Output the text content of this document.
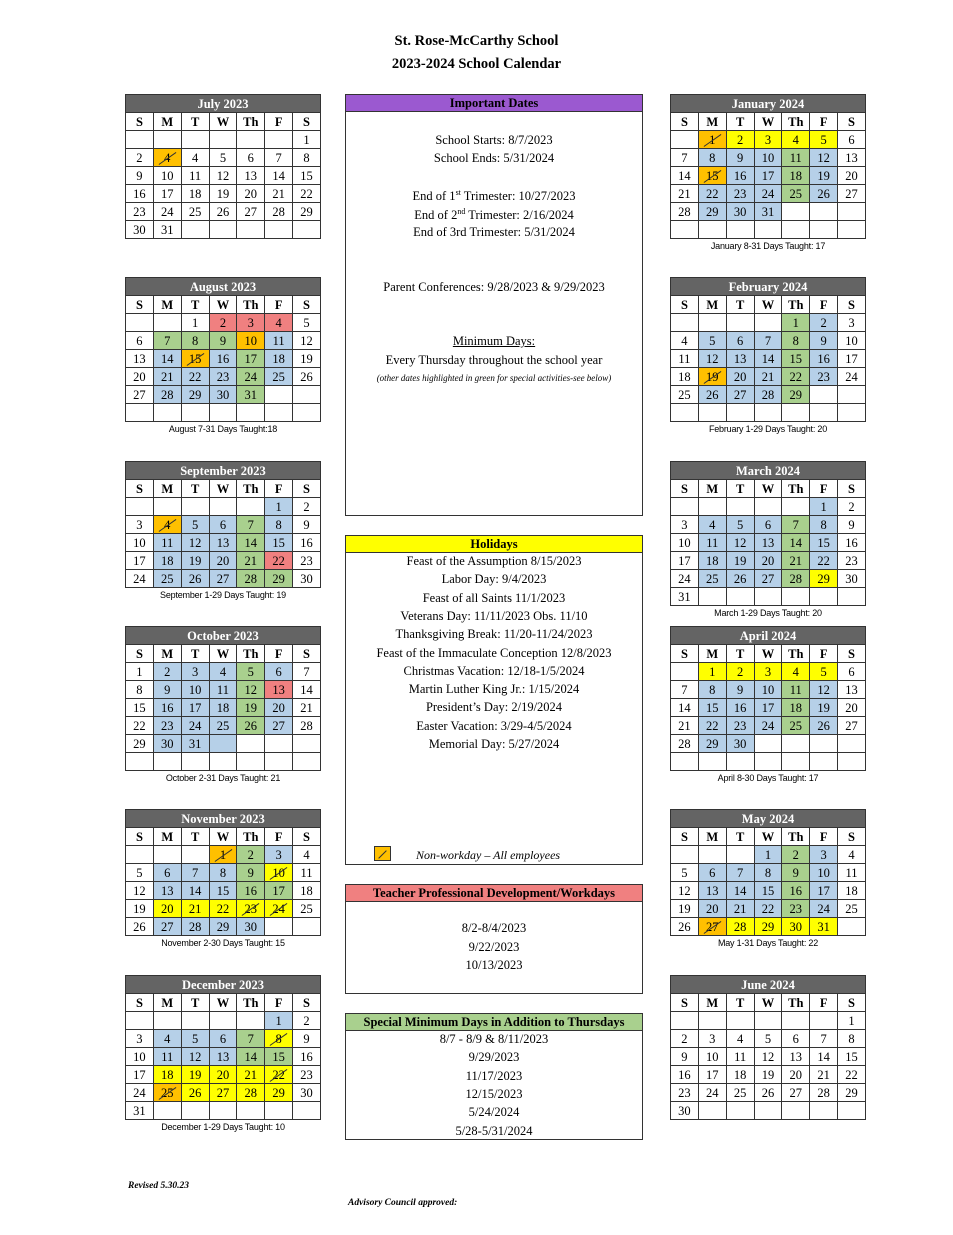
St. Rose-McCarthy School
2023-2024 School Calendar
July 2023						
S	M	T	W	Th	F	S
						1
2	4	4	5	6	7	8
9	10	11	12	13	14	15
16	17	18	19	20	21	22
23	24	25	26	27	28	29
30	31					
August 2023						
S	M	T	W	Th	F	S
		1	2	3	4	5
6	7	8	9	10	11	12
13	14	15	16	17	18	19
20	21	22	23	24	25	26
27	28	29	30	31		

August 7-31 Days Taught:18
September 2023						
S	M	T	W	Th	F	S
					1	2
3	4	5	6	7	8	9
10	11	12	13	14	15	16
17	18	19	20	21	22	23
24	25	26	27	28	29	30
September 1-29 Days Taught: 19
October 2023						
S	M	T	W	Th	F	S
1	2	3	4	5	6	7
8	9	10	11	12	13	14
15	16	17	18	19	20	21
22	23	24	25	26	27	28
29	30	31				

October 2-31 Days Taught: 21
November 2023						
S	M	T	W	Th	F	S
			1	2	3	4
5	6	7	8	9	10	11
12	13	14	15	16	17	18
19	20	21	22	23	24	25
26	27	28	29	30		
November 2-30 Days Taught: 15
December 2023						
S	M	T	W	Th	F	S
					1	2
3	4	5	6	7	8	9
10	11	12	13	14	15	16
17	18	19	20	21	22	23
24	25	26	27	28	29	30
31						
December 1-29 Days Taught: 10
January 2024						
S	M	T	W	Th	F	S
	1	2	3	4	5	6
7	8	9	10	11	12	13
14	15	16	17	18	19	20
21	22	23	24	25	26	27
28	29	30	31			

January 8-31 Days Taught: 17
February 2024						
S	M	T	W	Th	F	S
				1	2	3
4	5	6	7	8	9	10
11	12	13	14	15	16	17
18	19	20	21	22	23	24
25	26	27	28	29		

February 1-29 Days Taught: 20
March 2024						
S	M	T	W	Th	F	S
					1	2
3	4	5	6	7	8	9
10	11	12	13	14	15	16
17	18	19	20	21	22	23
24	25	26	27	28	29	30
31						
March 1-29 Days Taught: 20
April 2024						
S	M	T	W	Th	F	S
	1	2	3	4	5	6
7	8	9	10	11	12	13
14	15	16	17	18	19	20
21	22	23	24	25	26	27
28	29	30				

April 8-30 Days Taught: 17
May 2024						
S	M	T	W	Th	F	S
			1	2	3	4
5	6	7	8	9	10	11
12	13	14	15	16	17	18
19	20	21	22	23	24	25
26	27	28	29	30	31	
May 1-31 Days Taught: 22
June 2024						
S	M	T	W	Th	F	S
						1
2	3	4	5	6	7	8
9	10	11	12	13	14	15
16	17	18	19	20	21	22
23	24	25	26	27	28	29
30						
Important Dates
School Starts: 8/7/2023
School Ends: 5/31/2024
End of 1st Trimester: 10/27/2023
End of 2nd Trimester: 2/16/2024
End of 3rd Trimester: 5/31/2024
Parent Conferences: 9/28/2023 & 9/29/2023
Minimum Days:
Every Thursday throughout the school year
(other dates highlighted in green for special activities-see below)
Holidays
Feast of the Assumption 8/15/2023
Labor Day: 9/4/2023
Feast of all Saints 11/1/2023
Veterans Day: 11/11/2023 Obs. 11/10
Thanksgiving Break: 11/20-11/24/2023
Feast of the Immaculate Conception 12/8/2023
Christmas Vacation: 12/18-1/5/2024
Martin Luther King Jr.: 1/15/2024
President’s Day: 2/19/2024
Easter Vacation: 3/29-4/5/2024
Memorial Day: 5/27/2024
Non-workday – All employees
Teacher Professional Development/Workdays
8/2-8/4/2023
9/22/2023
10/13/2023
Special Minimum Days in Addition to Thursdays
8/7 - 8/9 & 8/11/2023
9/29/2023
11/17/2023
12/15/2023
5/24/2024
5/28-5/31/2024
Revised 5.30.23
Advisory Council approved:
